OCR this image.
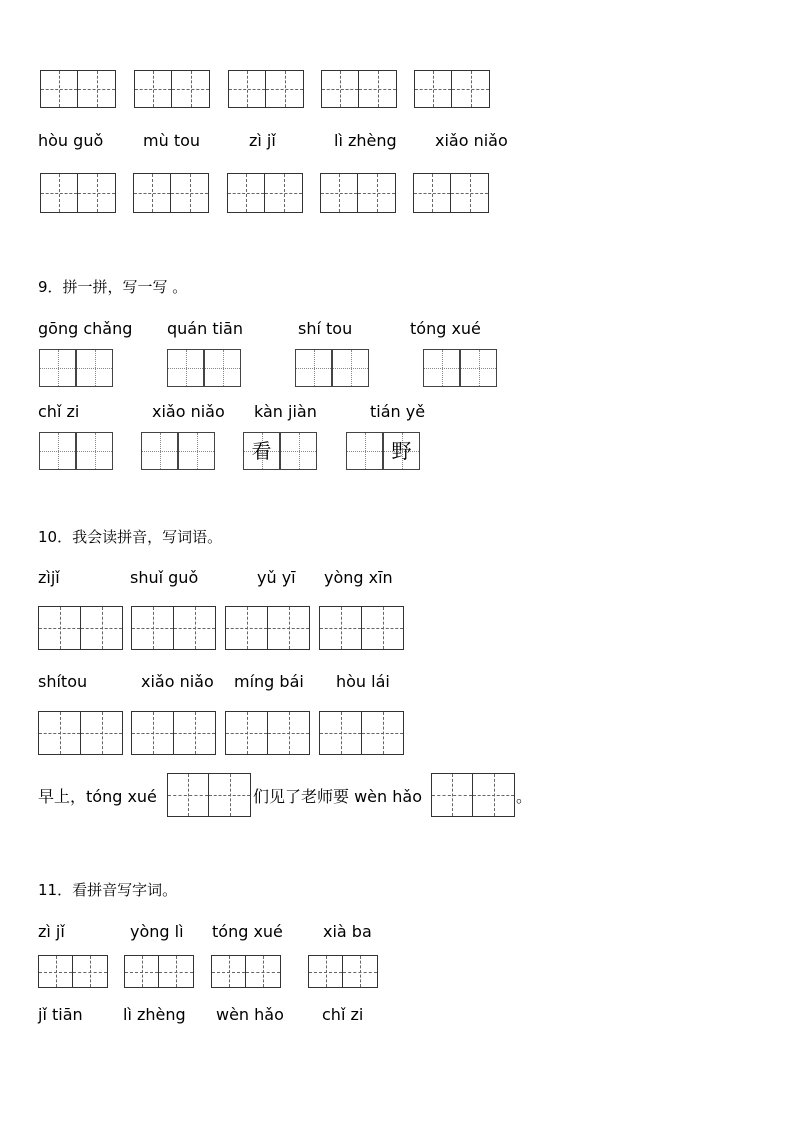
hòu guǒ mù tou	zì jǐ	lì zhèng xiǎo niǎo
9．拼一拼，写一写 。
gōng chǎng quán tiān	shí tou	tóng xué
chǐ zi	xiǎo niǎo kàn jiàn	tián yě
看	野
10．我会读拼音，写词语。
zìjǐ	shuǐ guǒ	yǔ yī yòng xīn
shítou	xiǎo niǎo míng bái hòu lái
早上，tóng xué	们见了老师要 wèn hǎo	。
11．看拼音写字词。
zì jǐ	yòng lì tóng xué	xià ba
jǐ tiān	lì zhèng wèn hǎo chǐ zi
